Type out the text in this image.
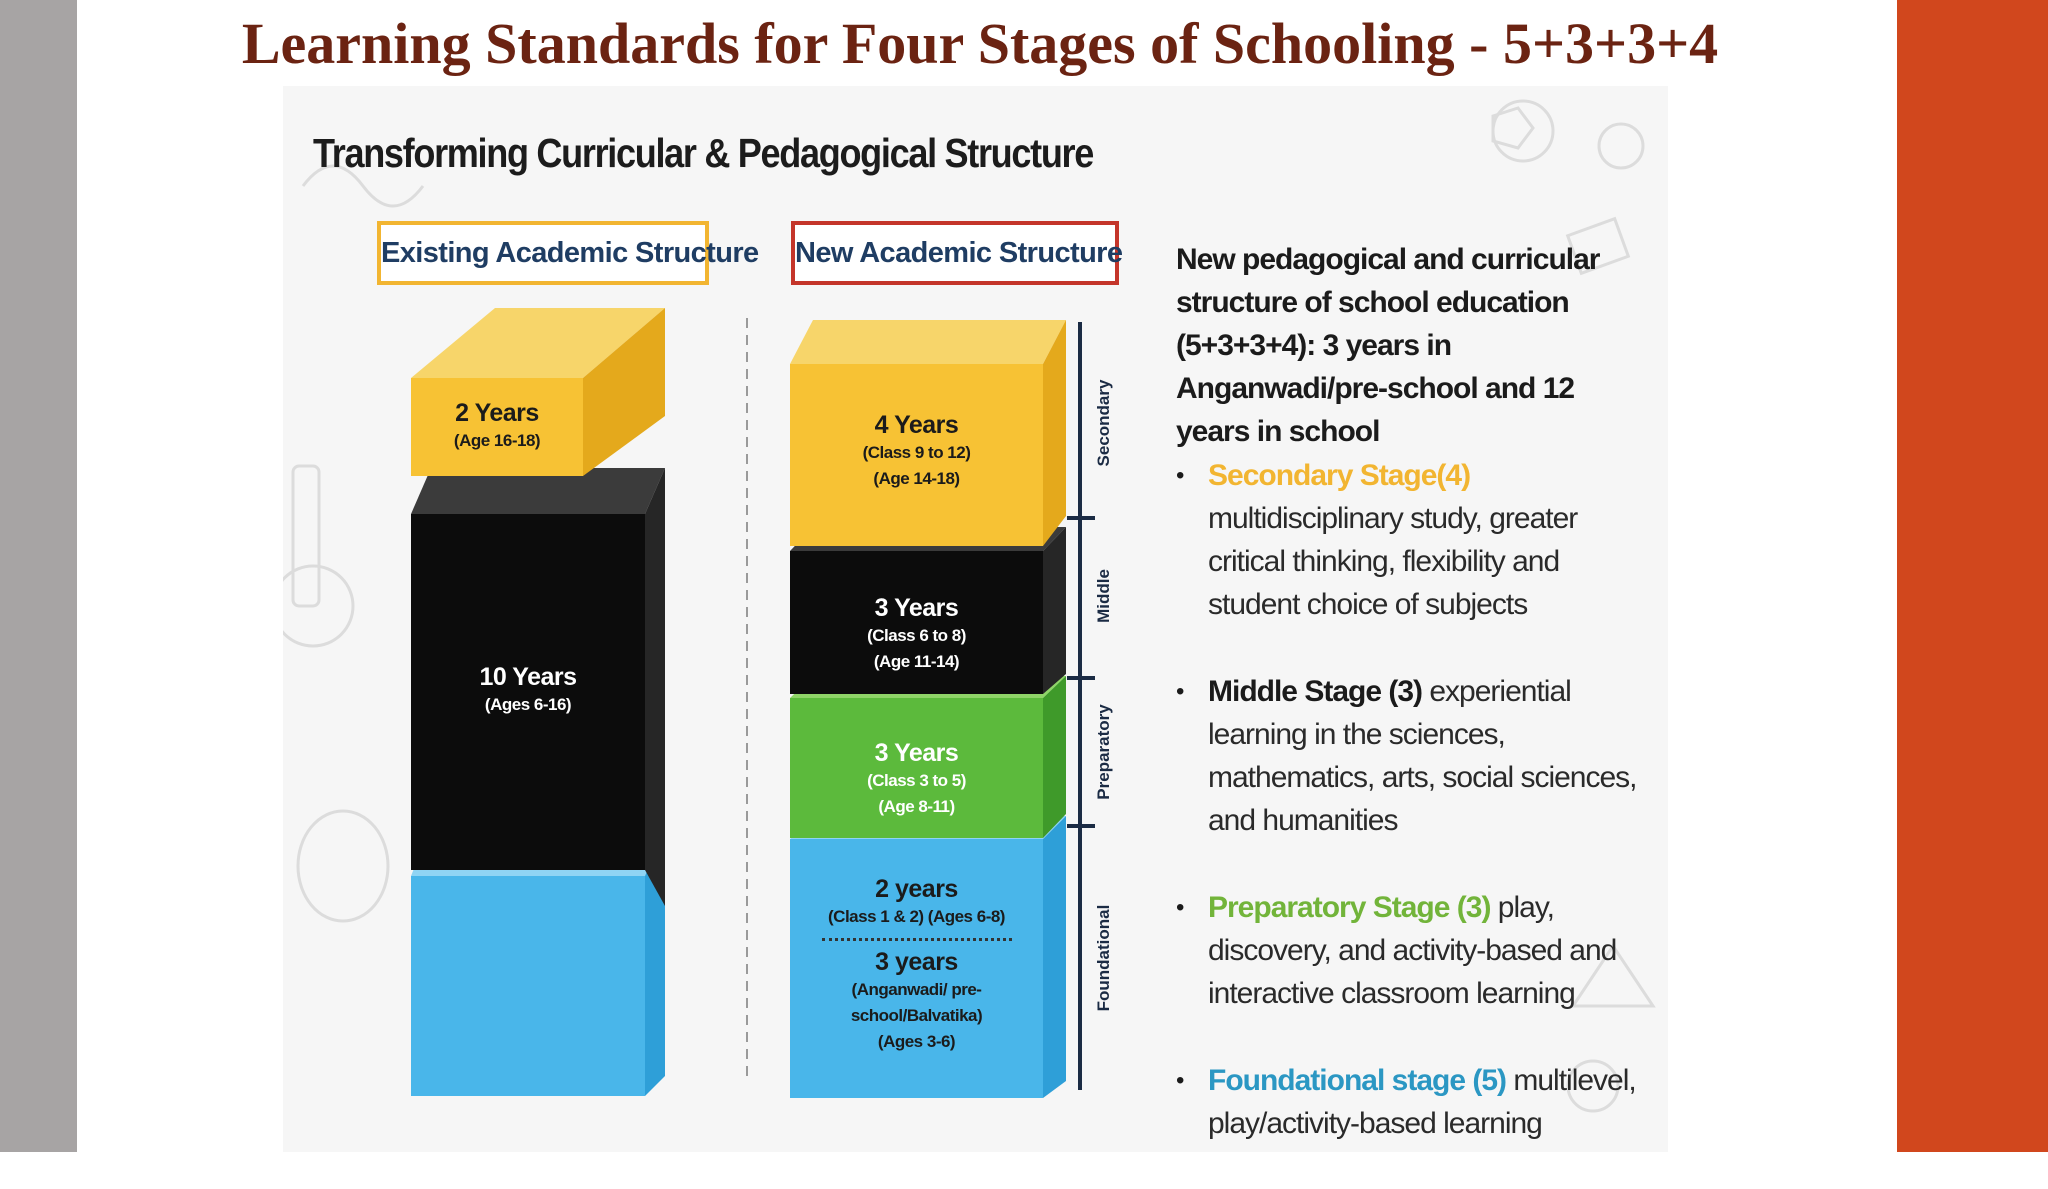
Learning Standards for Four Stages of Schooling - 5+3+3+4
Transforming Curricular & Pedagogical Structure
Existing Academic Structure New Academic Structure
2 Years
(Age 16-18)
10 Years
(Ages 6-16)
4 Years
(Class 9 to 12)
(Age 14-18)
3 Years
(Class 6 to 8)
(Age 11-14)
3 Years
(Class 3 to 5)
(Age 8-11)
2 years
(Class 1 & 2) (Ages 6-8)
3 years
(Anganwadi/ pre-
school/Balvatika)
(Ages 3-6)
Secondary
Middle
Preparatory
Foundational
New pedagogical and curricular structure of school education (5+3+3+4): 3 years in Anganwadi/pre-school and 12 years in school
• Secondary Stage(4) multidisciplinary study, greater critical thinking, flexibility and student choice of subjects
• Middle Stage (3) experiential learning in the sciences, mathematics, arts, social sciences, and humanities
• Preparatory Stage (3) play, discovery, and activity-based and interactive classroom learning
• Foundational stage (5) multilevel, play/activity-based learning
